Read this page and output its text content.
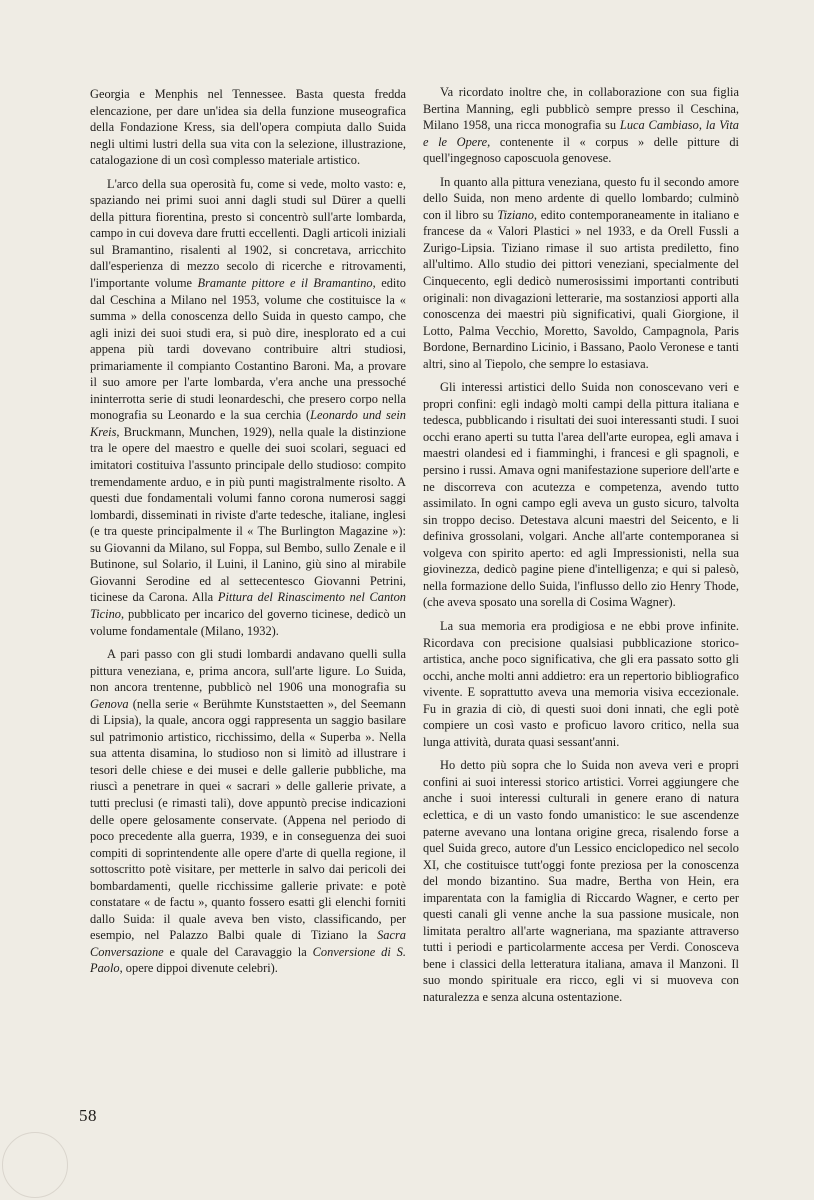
Georgia e Menphis nel Tennessee. Basta questa fredda elencazione, per dare un'idea sia della funzione museografica della Fondazione Kress, sia dell'opera compiuta dallo Suida negli ultimi lustri della sua vita con la selezione, illustrazione, catalogazione di un così complesso materiale artistico.

L'arco della sua operosità fu, come si vede, molto vasto: e, spaziando nei primi suoi anni dagli studi sul Dürer a quelli della pittura fiorentina, presto si concentrò sull'arte lombarda, campo in cui doveva dare frutti eccellenti. Dagli articoli iniziali sul Bramantino, risalenti al 1902, si concretava, arricchito dall'esperienza di mezzo secolo di ricerche e ritrovamenti, l'importante volume Bramante pittore e il Bramantino, edito dal Ceschina a Milano nel 1953, volume che costituisce la « summa » della conoscenza dello Suida in questo campo, che agli inizi dei suoi studi era, si può dire, inesplorato ed a cui appena più tardi dovevano contribuire altri studiosi, primariamente il compianto Costantino Baroni. Ma, a provare il suo amore per l'arte lombarda, v'era anche una pressoché ininterrotta serie di studi leonardeschi, che presero corpo nella monografia su Leonardo e la sua cerchia (Leonardo und sein Kreis, Bruckmann, Munchen, 1929), nella quale la distinzione tra le opere del maestro e quelle dei suoi scolari, seguaci ed imitatori costituiva l'assunto principale dello studioso: compito tremendamente arduo, e in più punti magistralmente risolto. A questi due fondamentali volumi fanno corona numerosi saggi lombardi, disseminati in riviste d'arte tedesche, italiane, inglesi (e tra queste principalmente il « The Burlington Magazine »): su Giovanni da Milano, sul Foppa, sul Bembo, sullo Zenale e il Butinone, sul Solario, il Luini, il Lanino, giù sino al mirabile Giovanni Serodine ed al settecentesco Giovanni Petrini, ticinese da Carona. Alla Pittura del Rinascimento nel Canton Ticino, pubblicato per incarico del governo ticinese, dedicò un volume fondamentale (Milano, 1932).

A pari passo con gli studi lombardi andavano quelli sulla pittura veneziana, e, prima ancora, sull'arte ligure. Lo Suida, non ancora trentenne, pubblicò nel 1906 una monografia su Genova (nella serie « Berühmte Kunststaetten », del Seemann di Lipsia), la quale, ancora oggi rappresenta un saggio basilare sul patrimonio artistico, ricchissimo, della « Superba ». Nella sua attenta disamina, lo studioso non si limitò ad illustrare i tesori delle chiese e dei musei e delle gallerie pubbliche, ma riuscì a penetrare in quei « sacrari » delle gallerie private, a tutti preclusi (e rimasti tali), dove appuntò precise indicazioni delle opere gelosamente conservate. (Appena nel periodo di poco precedente alla guerra, 1939, e in conseguenza dei suoi compiti di soprintendente alle opere d'arte di quella regione, il sottoscritto potè visitare, per metterle in salvo dai pericoli dei bombardamenti, quelle ricchissime gallerie private: e potè constatare « de factu », quanto fossero esatti gli elenchi forniti dallo Suida: il quale aveva ben visto, classificando, per esempio, nel Palazzo Balbi quale di Tiziano la Sacra Conversazione e quale del Caravaggio la Conversione di S. Paolo, opere dippoi divenute celebri).

Va ricordato inoltre che, in collaborazione con sua figlia Bertina Manning, egli pubblicò sempre presso il Ceschina, Milano 1958, una ricca monografia su Luca Cambiaso, la Vita e le Opere, contenente il « corpus » delle pitture di quell'ingegnoso caposcuola genovese.

In quanto alla pittura veneziana, questo fu il secondo amore dello Suida, non meno ardente di quello lombardo; culminò con il libro su Tiziano, edito contemporaneamente in italiano e francese da « Valori Plastici » nel 1933, e da Orell Fussli a Zurigo-Lipsia. Tiziano rimase il suo artista prediletto, fino all'ultimo. Allo studio dei pittori veneziani, specialmente del Cinquecento, egli dedicò numerosissimi importanti contributi originali: non divagazioni letterarie, ma sostanziosi apporti alla conoscenza dei maestri più significativi, quali Giorgione, il Lotto, Palma Vecchio, Moretto, Savoldo, Campagnola, Paris Bordone, Bernardino Licinio, i Bassano, Paolo Veronese e tanti altri, sino al Tiepolo, che sempre lo estasiava.

Gli interessi artistici dello Suida non conoscevano veri e propri confini: egli indagò molti campi della pittura italiana e tedesca, pubblicando i risultati dei suoi interessanti studi. I suoi occhi erano aperti su tutta l'area dell'arte europea, egli amava i maestri olandesi ed i fiamminghi, i francesi e gli spagnoli, e persino i russi. Amava ogni manifestazione superiore dell'arte e ne discorreva con acutezza e competenza, avendo tutto assimilato. In ogni campo egli aveva un gusto sicuro, talvolta sin troppo deciso. Detestava alcuni maestri del Seicento, e li definiva grossolani, volgari. Anche all'arte contemporanea si volgeva con spirito aperto: ed agli Impressionisti, nella sua giovinezza, dedicò pagine piene d'intelligenza; e qui si palesò, nella formazione dello Suida, l'influsso dello zio Henry Thode, (che aveva sposato una sorella di Cosima Wagner).

La sua memoria era prodigiosa e ne ebbi prove infinite. Ricordava con precisione qualsiasi pubblicazione storico-artistica, anche poco significativa, che gli era passato sotto gli occhi, anche molti anni addietro: era un repertorio bibliografico vivente. E soprattutto aveva una memoria visiva eccezionale. Fu in grazia di ciò, di questi suoi doni innati, che egli potè compiere un così vasto e proficuo lavoro critico, nella sua lunga attività, durata quasi sessant'anni.

Ho detto più sopra che lo Suida non aveva veri e propri confini ai suoi interessi storico artistici. Vorrei aggiungere che anche i suoi interessi culturali in genere erano di natura eclettica, e di un vasto fondo umanistico: le sue ascendenze paterne avevano una lontana origine greca, risalendo forse a quel Suida greco, autore d'un Lessico enciclopedico nel secolo XI, che costituisce tutt'oggi fonte preziosa per la conoscenza del mondo bizantino. Sua madre, Bertha von Hein, era imparentata con la famiglia di Riccardo Wagner, e certo per questi canali gli venne anche la sua passione musicale, non limitata peraltro all'arte wagneriana, ma spaziante attraverso tutti i periodi e particolarmente accesa per Verdi. Conosceva bene i classici della letteratura italiana, amava il Manzoni. Il suo mondo spirituale era ricco, egli vi si muoveva con naturalezza e senza alcuna ostentazione.

58
